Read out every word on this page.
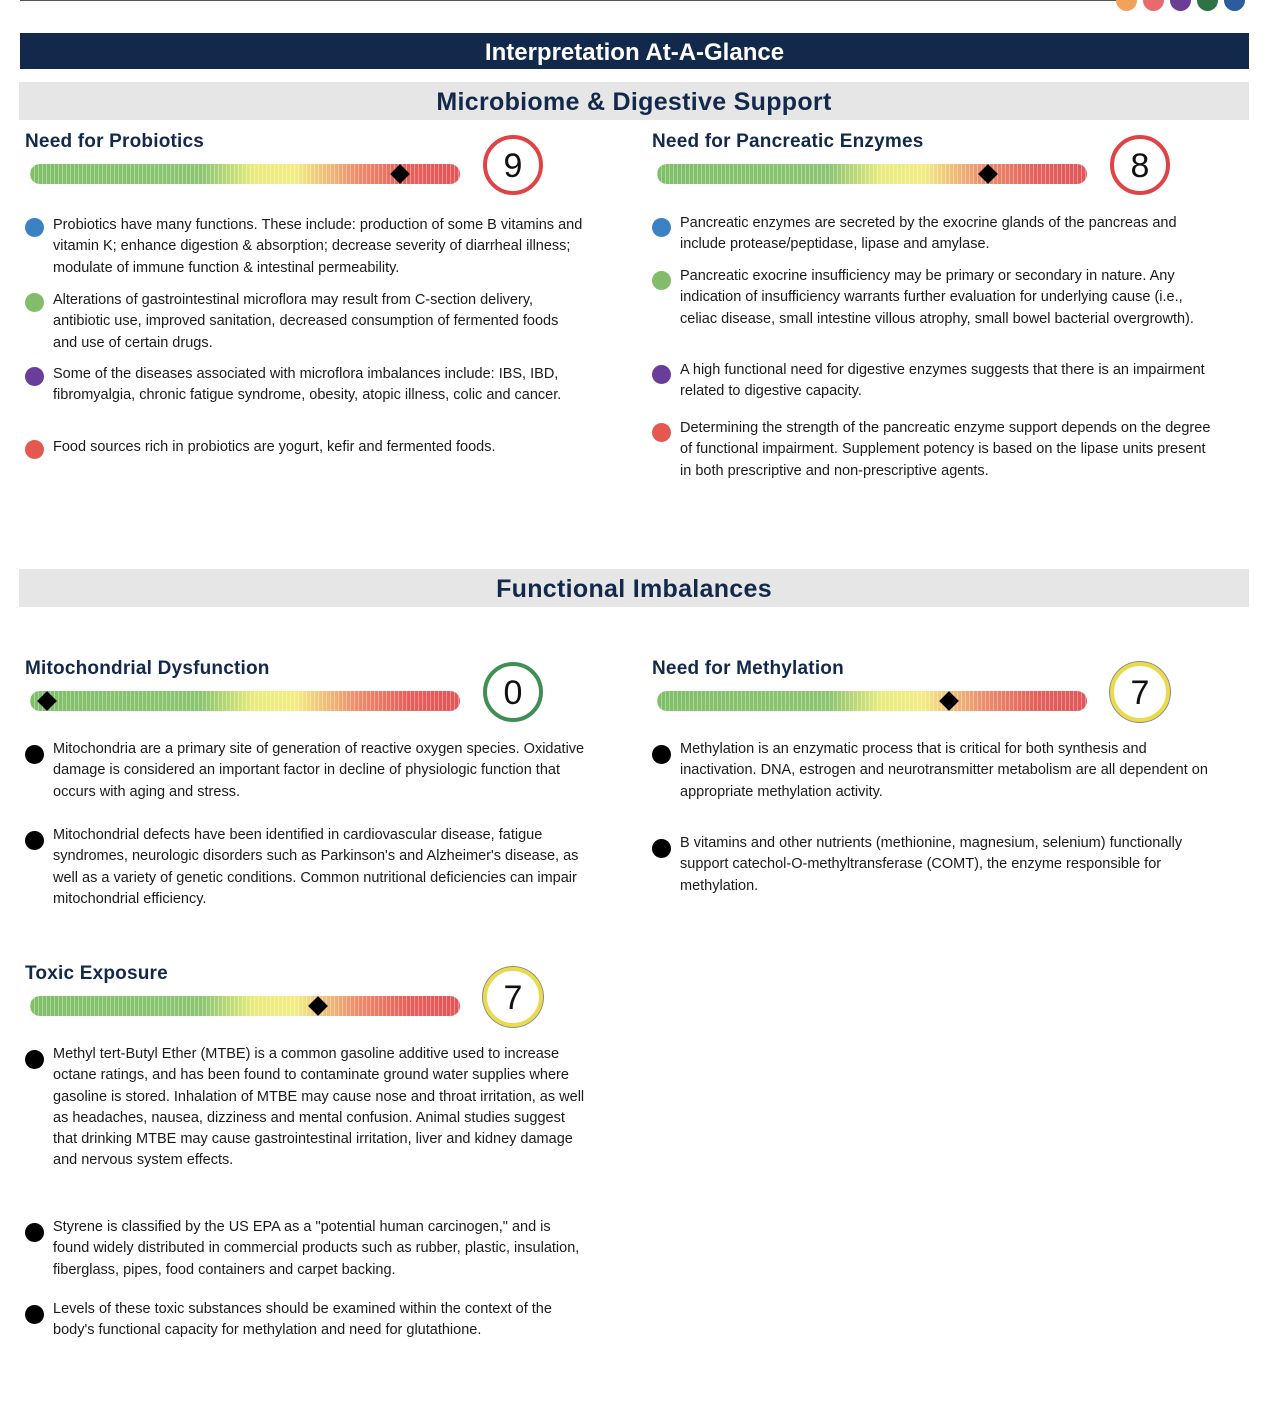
Interpretation At-A-Glance
Microbiome & Digestive Support
Need for Probiotics
9
Probiotics have many functions. These include: production of some B vitamins and vitamin K; enhance digestion & absorption; decrease severity of diarrheal illness; modulate of immune function & intestinal permeability.
Alterations of gastrointestinal microflora may result from C-section delivery, antibiotic use, improved sanitation, decreased consumption of fermented foods and use of certain drugs.
Some of the diseases associated with microflora imbalances include: IBS, IBD, fibromyalgia, chronic fatigue syndrome, obesity, atopic illness, colic and cancer.
Food sources rich in probiotics are yogurt, kefir and fermented foods.
Need for Pancreatic Enzymes
8
Pancreatic enzymes are secreted by the exocrine glands of the pancreas and include protease/peptidase, lipase and amylase.
Pancreatic exocrine insufficiency may be primary or secondary in nature. Any indication of insufficiency warrants further evaluation for underlying cause (i.e., celiac disease, small intestine villous atrophy, small bowel bacterial overgrowth).
A high functional need for digestive enzymes suggests that there is an impairment related to digestive capacity.
Determining the strength of the pancreatic enzyme support depends on the degree of functional impairment. Supplement potency is based on the lipase units present in both prescriptive and non-prescriptive agents.
Functional Imbalances
Mitochondrial Dysfunction
0
Mitochondria are a primary site of generation of reactive oxygen species. Oxidative damage is considered an important factor in decline of physiologic function that occurs with aging and stress.
Mitochondrial defects have been identified in cardiovascular disease, fatigue syndromes, neurologic disorders such as Parkinson's and Alzheimer's disease, as well as a variety of genetic conditions. Common nutritional deficiencies can impair mitochondrial efficiency.
Need for Methylation
7
Methylation is an enzymatic process that is critical for both synthesis and inactivation. DNA, estrogen and neurotransmitter metabolism are all dependent on appropriate methylation activity.
B vitamins and other nutrients (methionine, magnesium, selenium) functionally support catechol-O-methyltransferase (COMT), the enzyme responsible for methylation.
Toxic Exposure
7
Methyl tert-Butyl Ether (MTBE) is a common gasoline additive used to increase octane ratings, and has been found to contaminate ground water supplies where gasoline is stored. Inhalation of MTBE may cause nose and throat irritation, as well as headaches, nausea, dizziness and mental confusion. Animal studies suggest that drinking MTBE may cause gastrointestinal irritation, liver and kidney damage and nervous system effects.
Styrene is classified by the US EPA as a "potential human carcinogen," and is found widely distributed in commercial products such as rubber, plastic, insulation, fiberglass, pipes, food containers and carpet backing.
Levels of these toxic substances should be examined within the context of the body's functional capacity for methylation and need for glutathione.
